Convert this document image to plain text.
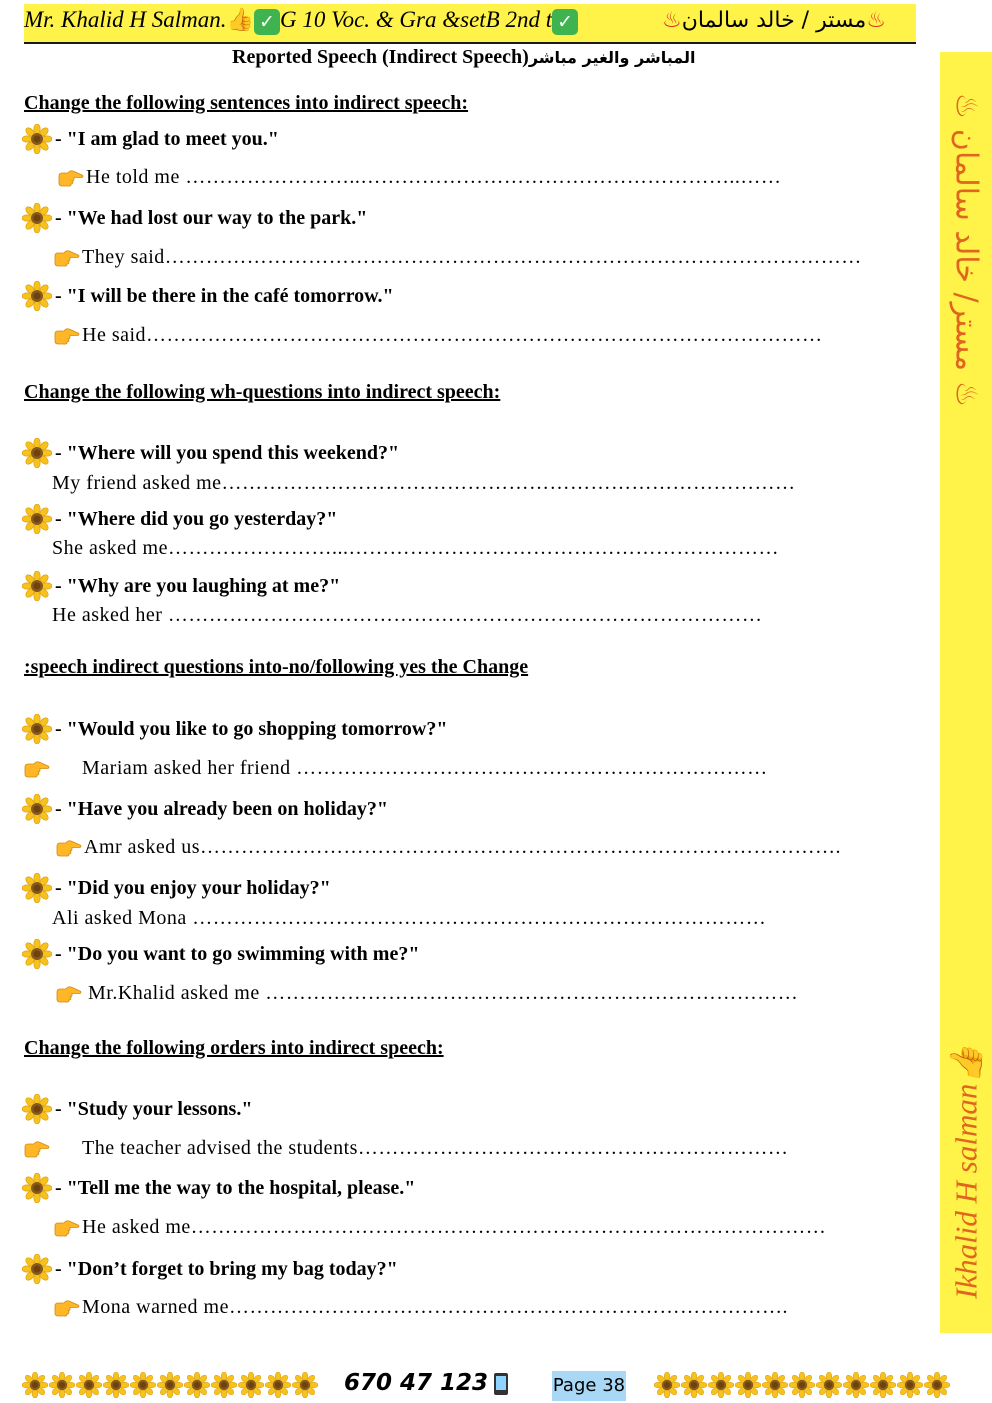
Mr. Khalid H Salman.👍 ✓ G 10 Voc. & Gra &setB 2nd t ✓	♨مستر / خالد سالمان♨
Reported Speech (Indirect Speech)المباشر والغير مباشر
♨ مستر/ خالد سالمان ♨
Ikhalid H salman👍
Change the following sentences into indirect speech:
- "I am glad to meet you."
He told me ……………………..………………………………………………..……
- "We had lost our way to the park."
They said…………………………………………………………………………………………
- "I will be there in the café tomorrow."
He said………………………………………………………………………………………
Change the following wh-questions into indirect speech:
- "Where will you spend this weekend?"
My friend asked me…………………………………………………………………………
- "Where did you go yesterday?"
She asked me……………………...………………………………………………………
- "Why are you laughing at me?"
He asked her ……………………………………………………………………………
:speech indirect questions into-no/following yes the Change
- "Would you like to go shopping tomorrow?"
Mariam asked her friend ……………………………………………………………
- "Have you already been on holiday?"
Amr asked us………………………………………………………………………………….
- "Did you enjoy your holiday?"
Ali asked Mona …………………………………………………………………………
- "Do you want to go swimming with me?"
Mr.Khalid asked me ……………………………………………………………………
Change the following orders into indirect speech:
- "Study your lessons."
The teacher advised the students………………………………………………………
- "Tell me the way to the hospital, please."
He asked me…………………………………………………………………………………
- "Don’t forget to bring my bag today?"
Mona warned me……………………………………………………………………….
670 47 123	Page 38
